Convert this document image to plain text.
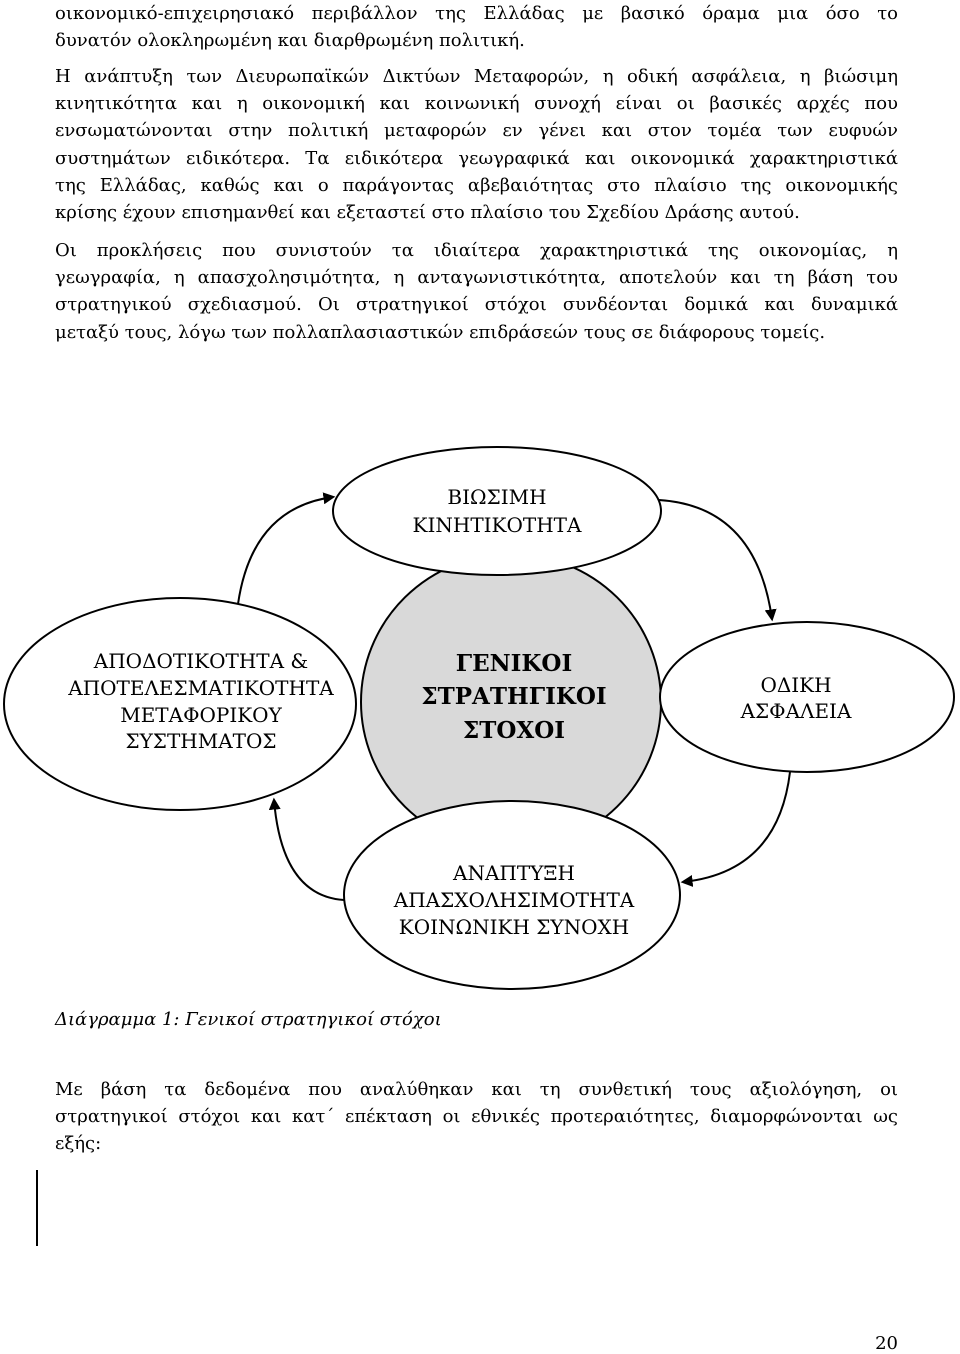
οικονομικό-επιχειρησιακό περιβάλλον της Ελλάδας με βασικό όραμα μια όσο το
δυνατόν ολοκληρωμένη και διαρθρωμένη πολιτική.
Η ανάπτυξη των Διευρωπαϊκών Δικτύων Μεταφορών, η οδική ασφάλεια, η βιώσιμη
κινητικότητα και η οικονομική και κοινωνική συνοχή είναι οι βασικές αρχές που
ενσωματώνονται στην πολιτική μεταφορών εν γένει και στον τομέα των ευφυών
συστημάτων ειδικότερα. Τα ειδικότερα γεωγραφικά και οικονομικά χαρακτηριστικά
της Ελλάδας, καθώς και ο παράγοντας αβεβαιότητας στο πλαίσιο της οικονομικής
κρίσης έχουν επισημανθεί και εξεταστεί στο πλαίσιο του Σχεδίου Δράσης αυτού.
Οι προκλήσεις που συνιστούν τα ιδιαίτερα χαρακτηριστικά της οικονομίας, η
γεωγραφία, η απασχολησιμότητα, η ανταγωνιστικότητα, αποτελούν και τη βάση του
στρατηγικού σχεδιασμού. Οι στρατηγικοί στόχοι συνδέονται δομικά και δυναμικά
μεταξύ τους, λόγω των πολλαπλασιαστικών επιδράσεών τους σε διάφορους τομείς.
ΒΙΩΣΙΜΗ
ΚΙΝΗΤΙΚΟΤΗΤΑ
ΑΠΟΔΟΤΙΚΟΤΗΤΑ &
ΑΠΟΤΕΛΕΣΜΑΤΙΚΟΤΗΤΑ
ΜΕΤΑΦΟΡΙΚΟΥ
ΣΥΣΤΗΜΑΤΟΣ
ΓΕΝΙΚΟΙ
ΣΤΡΑΤΗΓΙΚΟΙ
ΣΤΟΧΟΙ
ΟΔΙΚΗ
ΑΣΦΑΛΕΙΑ
ΑΝΑΠΤΥΞΗ
ΑΠΑΣΧΟΛΗΣΙΜΟΤΗΤΑ
ΚΟΙΝΩΝΙΚΗ ΣΥΝΟΧΗ
Διάγραμμα 1: Γενικοί στρατηγικοί στόχοι
Με βάση τα δεδομένα που αναλύθηκαν και τη συνθετική τους αξιολόγηση, οι
στρατηγικοί στόχοι και κατ΄ επέκταση οι εθνικές προτεραιότητες, διαμορφώνονται ως
εξής:
20
